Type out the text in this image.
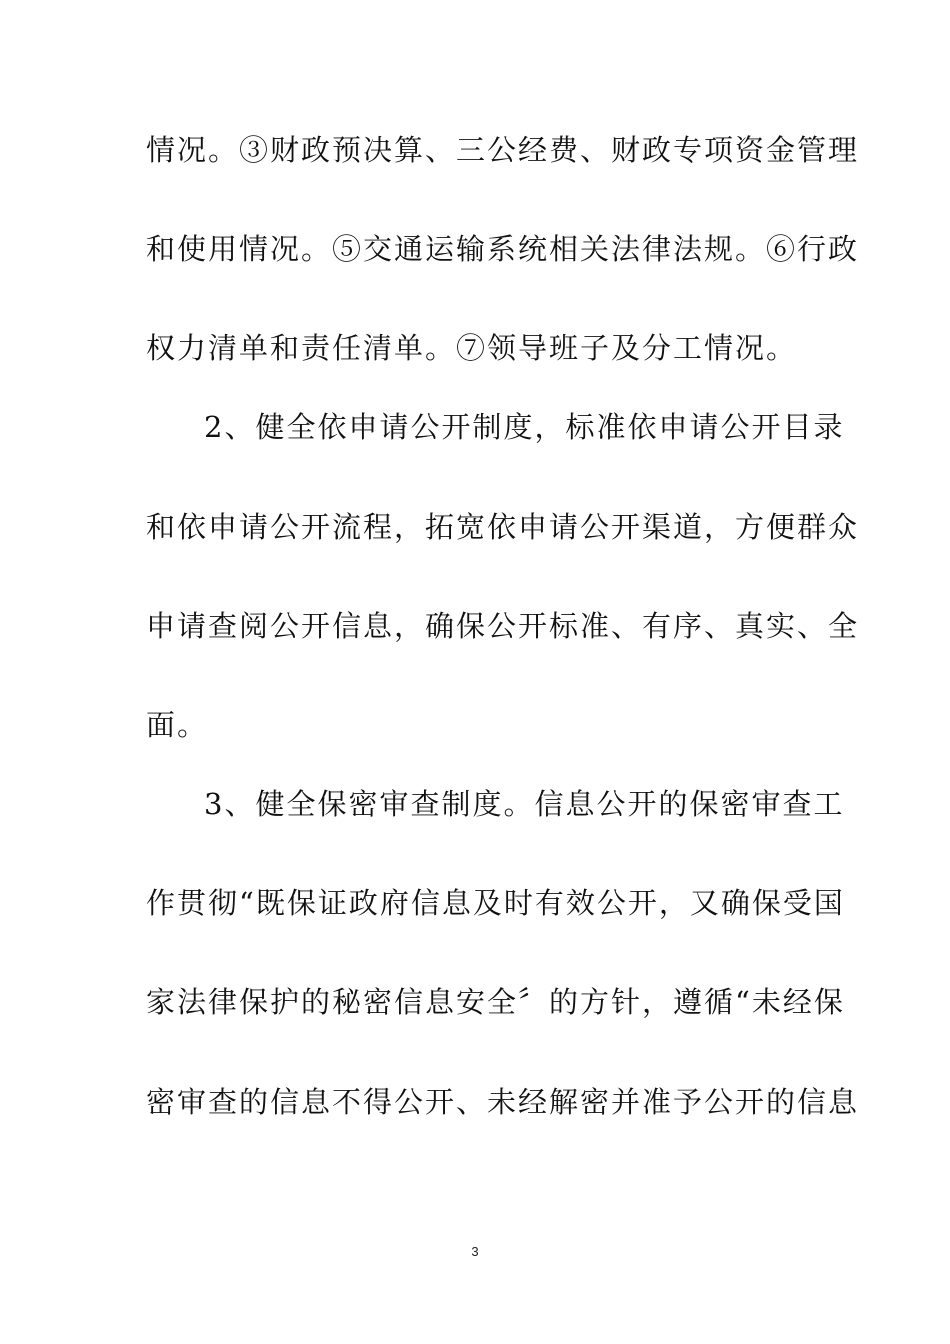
情况。③财政预决算、三公经费、财政专项资金管理
和使用情况。⑤交通运输系统相关法律法规。⑥行政
权力清单和责任清单。⑦领导班子及分工情况。
2、健全依申请公开制度，标准依申请公开目录
和依申请公开流程，拓宽依申请公开渠道，方便群众
申请查阅公开信息，确保公开标准、有序、真实、全
面。
3、健全保密审查制度。信息公开的保密审查工
作贯彻“既保证政府信息及时有效公开，又确保受国
家法律保护的秘密信息安全〞的方针，遵循“未经保
密审查的信息不得公开、未经解密并准予公开的信息
3
